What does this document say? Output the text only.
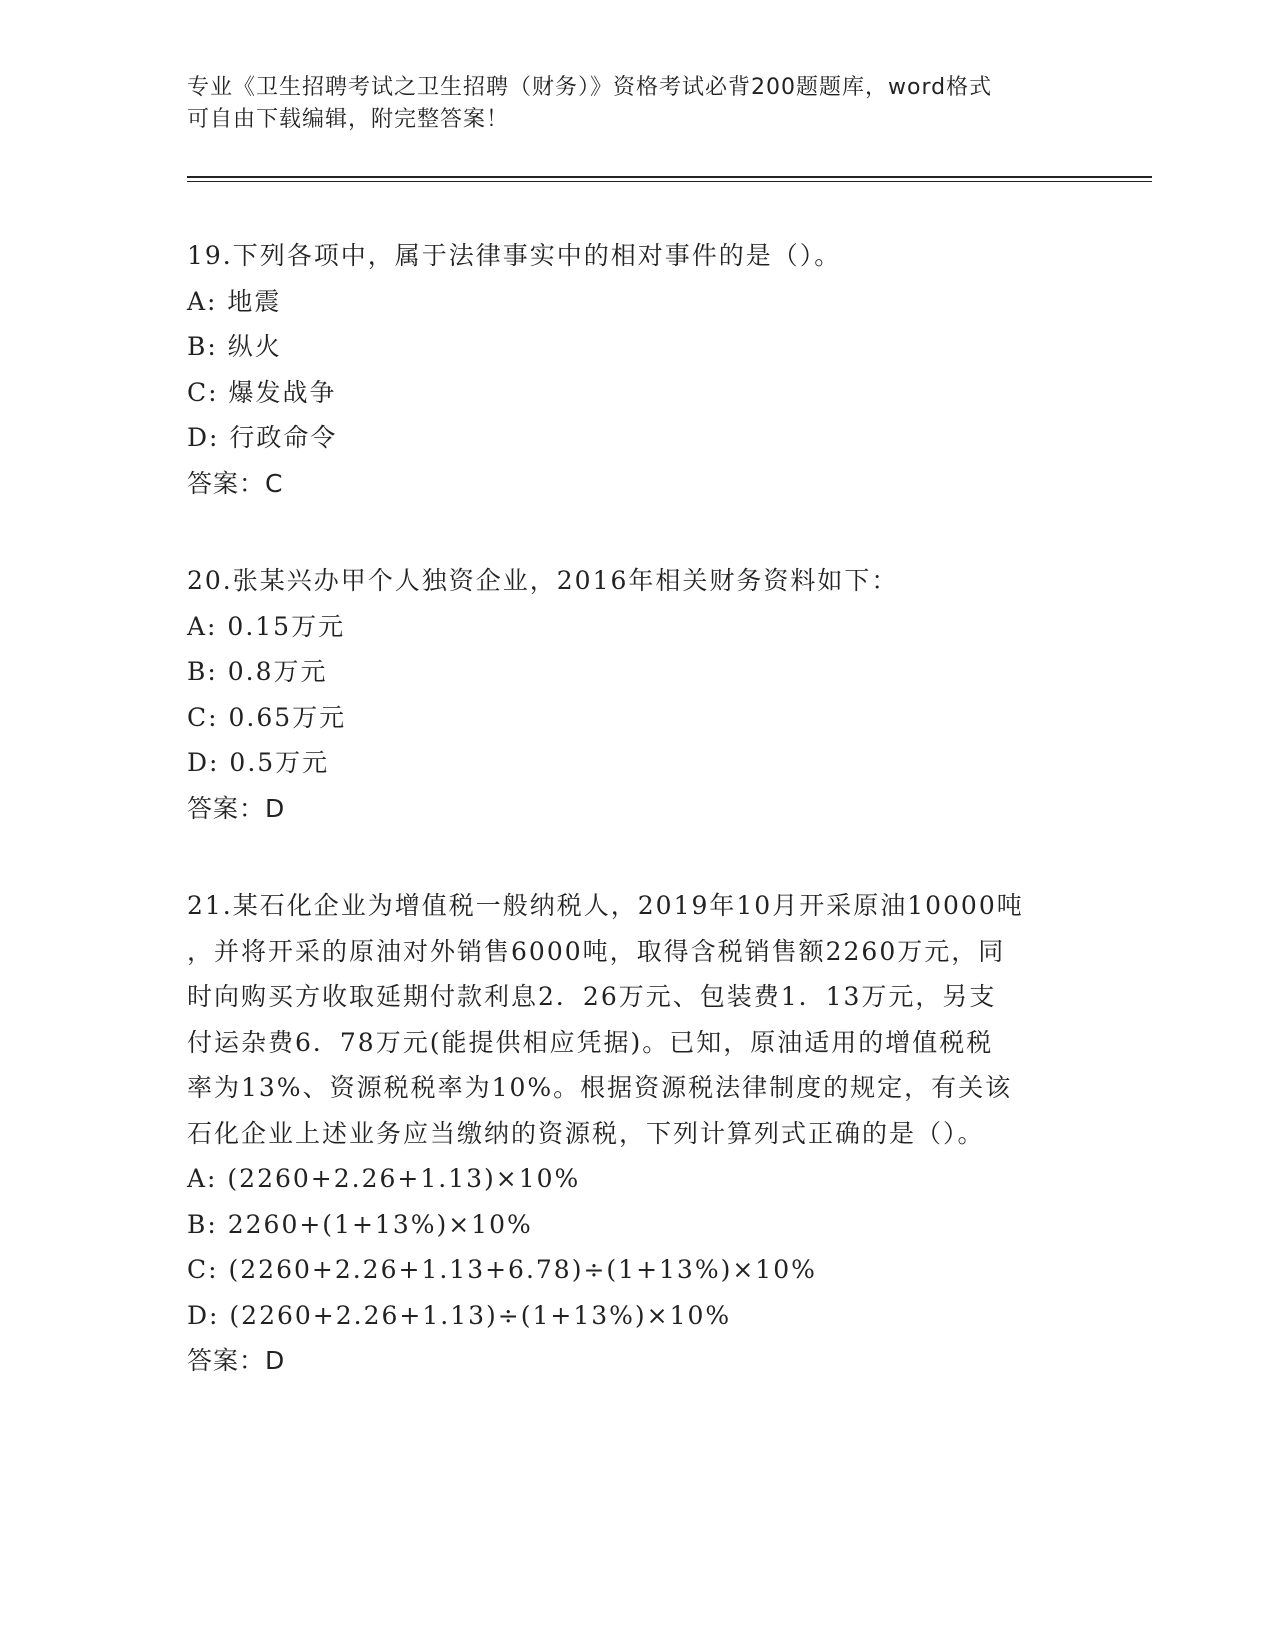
专业《卫生招聘考试之卫生招聘（财务）》资格考试必背200题题库，word格式
可自由下载编辑，附完整答案！
19.下列各项中，属于法律事实中的相对事件的是（）。
A: 地震
B: 纵火
C: 爆发战争
D: 行政命令
答案：C
20.张某兴办甲个人独资企业，2016年相关财务资料如下：
A: 0.15万元
B: 0.8万元
C: 0.65万元
D: 0.5万元
答案：D
21.某石化企业为增值税一般纳税人，2019年10月开采原油10000吨
，并将开采的原油对外销售6000吨，取得含税销售额2260万元，同
时向购买方收取延期付款利息2．26万元、包装费1．13万元，另支
付运杂费6．78万元(能提供相应凭据)。已知，原油适用的增值税税
率为13%、资源税税率为10%。根据资源税法律制度的规定，有关该
石化企业上述业务应当缴纳的资源税，下列计算列式正确的是（）。
A: (2260+2.26+1.13)×10%
B: 2260+(1+13%)×10%
C: (2260+2.26+1.13+6.78)÷(1+13%)×10%
D: (2260+2.26+1.13)÷(1+13%)×10%
答案：D
